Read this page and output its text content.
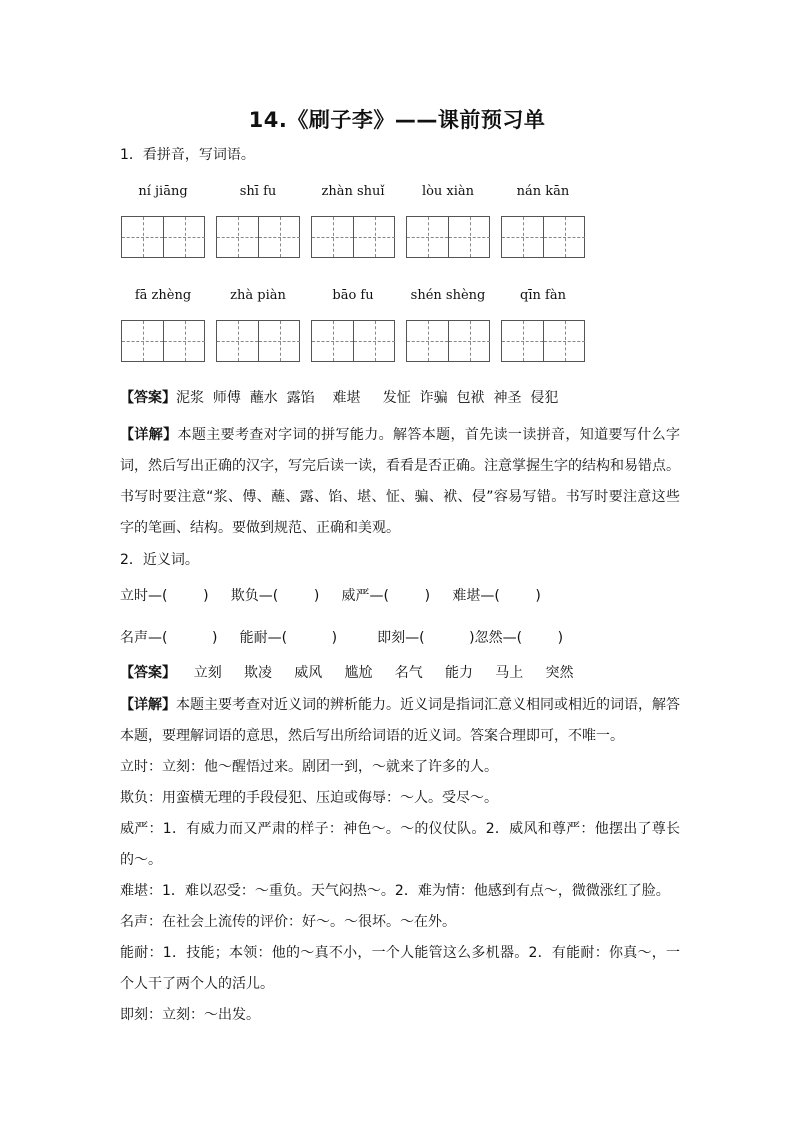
14.《刷子李》——课前预习单
1．看拼音，写词语。
ní jiāng	shī fu	zhàn shuǐ	lòu xiàn	nán kān
fā zhèng	zhà piàn	bāo fu	shén shèng	qīn fàn
【答案】泥浆  师傅  蘸水  露馅    难堪     发怔  诈骗  包袱  神圣  侵犯
【详解】本题主要考查对字词的拼写能力。解答本题，首先读一读拼音，知道要写什么字词，然后写出正确的汉字，写完后读一读，看看是否正确。注意掌握生字的结构和易错点。书写时要注意“浆、傅、蘸、露、馅、堪、怔、骗、袱、侵”容易写错。书写时要注意这些字的笔画、结构。要做到规范、正确和美观。
2．近义词。
立时—(        )     欺负—(        )     威严—(        )     难堪—(        )
名声—(          )     能耐—(          )         即刻—(          )忽然—(        )
【答案】    立刻     欺凌     威风     尴尬     名气     能力     马上     突然
【详解】本题主要考查对近义词的辨析能力。近义词是指词汇意义相同或相近的词语，解答本题，要理解词语的意思，然后写出所给词语的近义词。答案合理即可，不唯一。
立时：立刻：他～醒悟过来。剧团一到，～就来了许多的人。
欺负：用蛮横无理的手段侵犯、压迫或侮辱：～人。受尽～。
威严：1．有威力而又严肃的样子：神色～。～的仪仗队。2．威风和尊严：他摆出了尊长的～。
难堪：1．难以忍受：～重负。天气闷热～。2．难为情：他感到有点～，微微涨红了脸。
名声：在社会上流传的评价：好～。～很坏。～在外。
能耐：1．技能；本领：他的～真不小，一个人能管这么多机器。2．有能耐：你真～，一个人干了两个人的活儿。
即刻：立刻：～出发。
